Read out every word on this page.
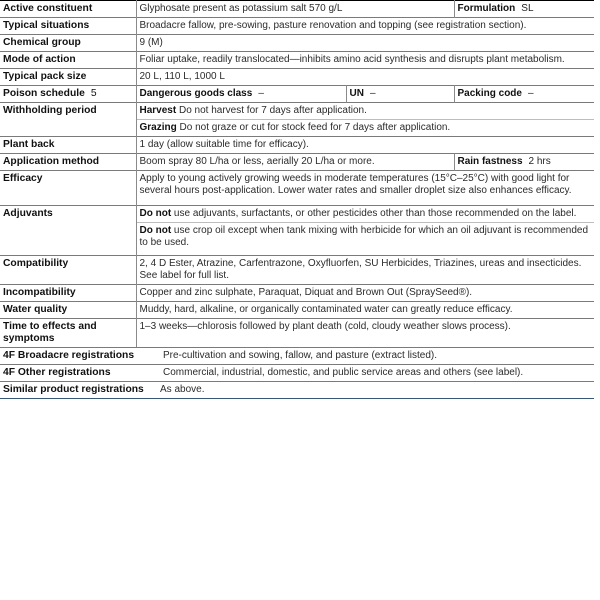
Active constituent	Glyphosate present as potassium salt 570 g/L		Formulation SL
Typical situations	Broadacre fallow, pre-sowing, pasture renovation and topping (see registration section).		
Chemical group	9 (M)		
Mode of action	Foliar uptake, readily translocated—inhibits amino acid synthesis and disrupts plant metabolism.		
Typical pack size	20 L, 110 L, 1000 L		
Poison schedule 5	Dangerous goods class –	UN –	Packing code –
Withholding period	Harvest Do not harvest for 7 days after application.		
	Grazing Do not graze or cut for stock feed for 7 days after application.		
Plant back	1 day (allow suitable time for efficacy).		
Application method	Boom spray 80 L/ha or less, aerially 20 L/ha or more.		Rain fastness 2 hrs
Efficacy	Apply to young actively growing weeds in moderate temperatures (15°C–25°C) with good light for several hours post-application. Lower water rates and smaller droplet size also enhances efficacy.		
Adjuvants	Do not use adjuvants, surfactants, or other pesticides other than those recommended on the label.		
	Do not use crop oil except when tank mixing with herbicide for which an oil adjuvant is recommended to be used.		
Compatibility	2, 4 D Ester, Atrazine, Carfentrazone, Oxyfluorfen, SU Herbicides, Triazines, ureas and insecticides. See label for full list.		
Incompatibility	Copper and zinc sulphate, Paraquat, Diquat and Brown Out (SpraySeed®).		
Water quality	Muddy, hard, alkaline, or organically contaminated water can greatly reduce efficacy.		
Time to effects and symptoms	1–3 weeks—chlorosis followed by plant death (cold, cloudy weather slows process).		
4F Broadacre registrations	Pre-cultivation and sowing, fallow, and pasture (extract listed).
4F Other registrations	Commercial, industrial, domestic, and public service areas and others (see label).
Similar product registrations	As above.
